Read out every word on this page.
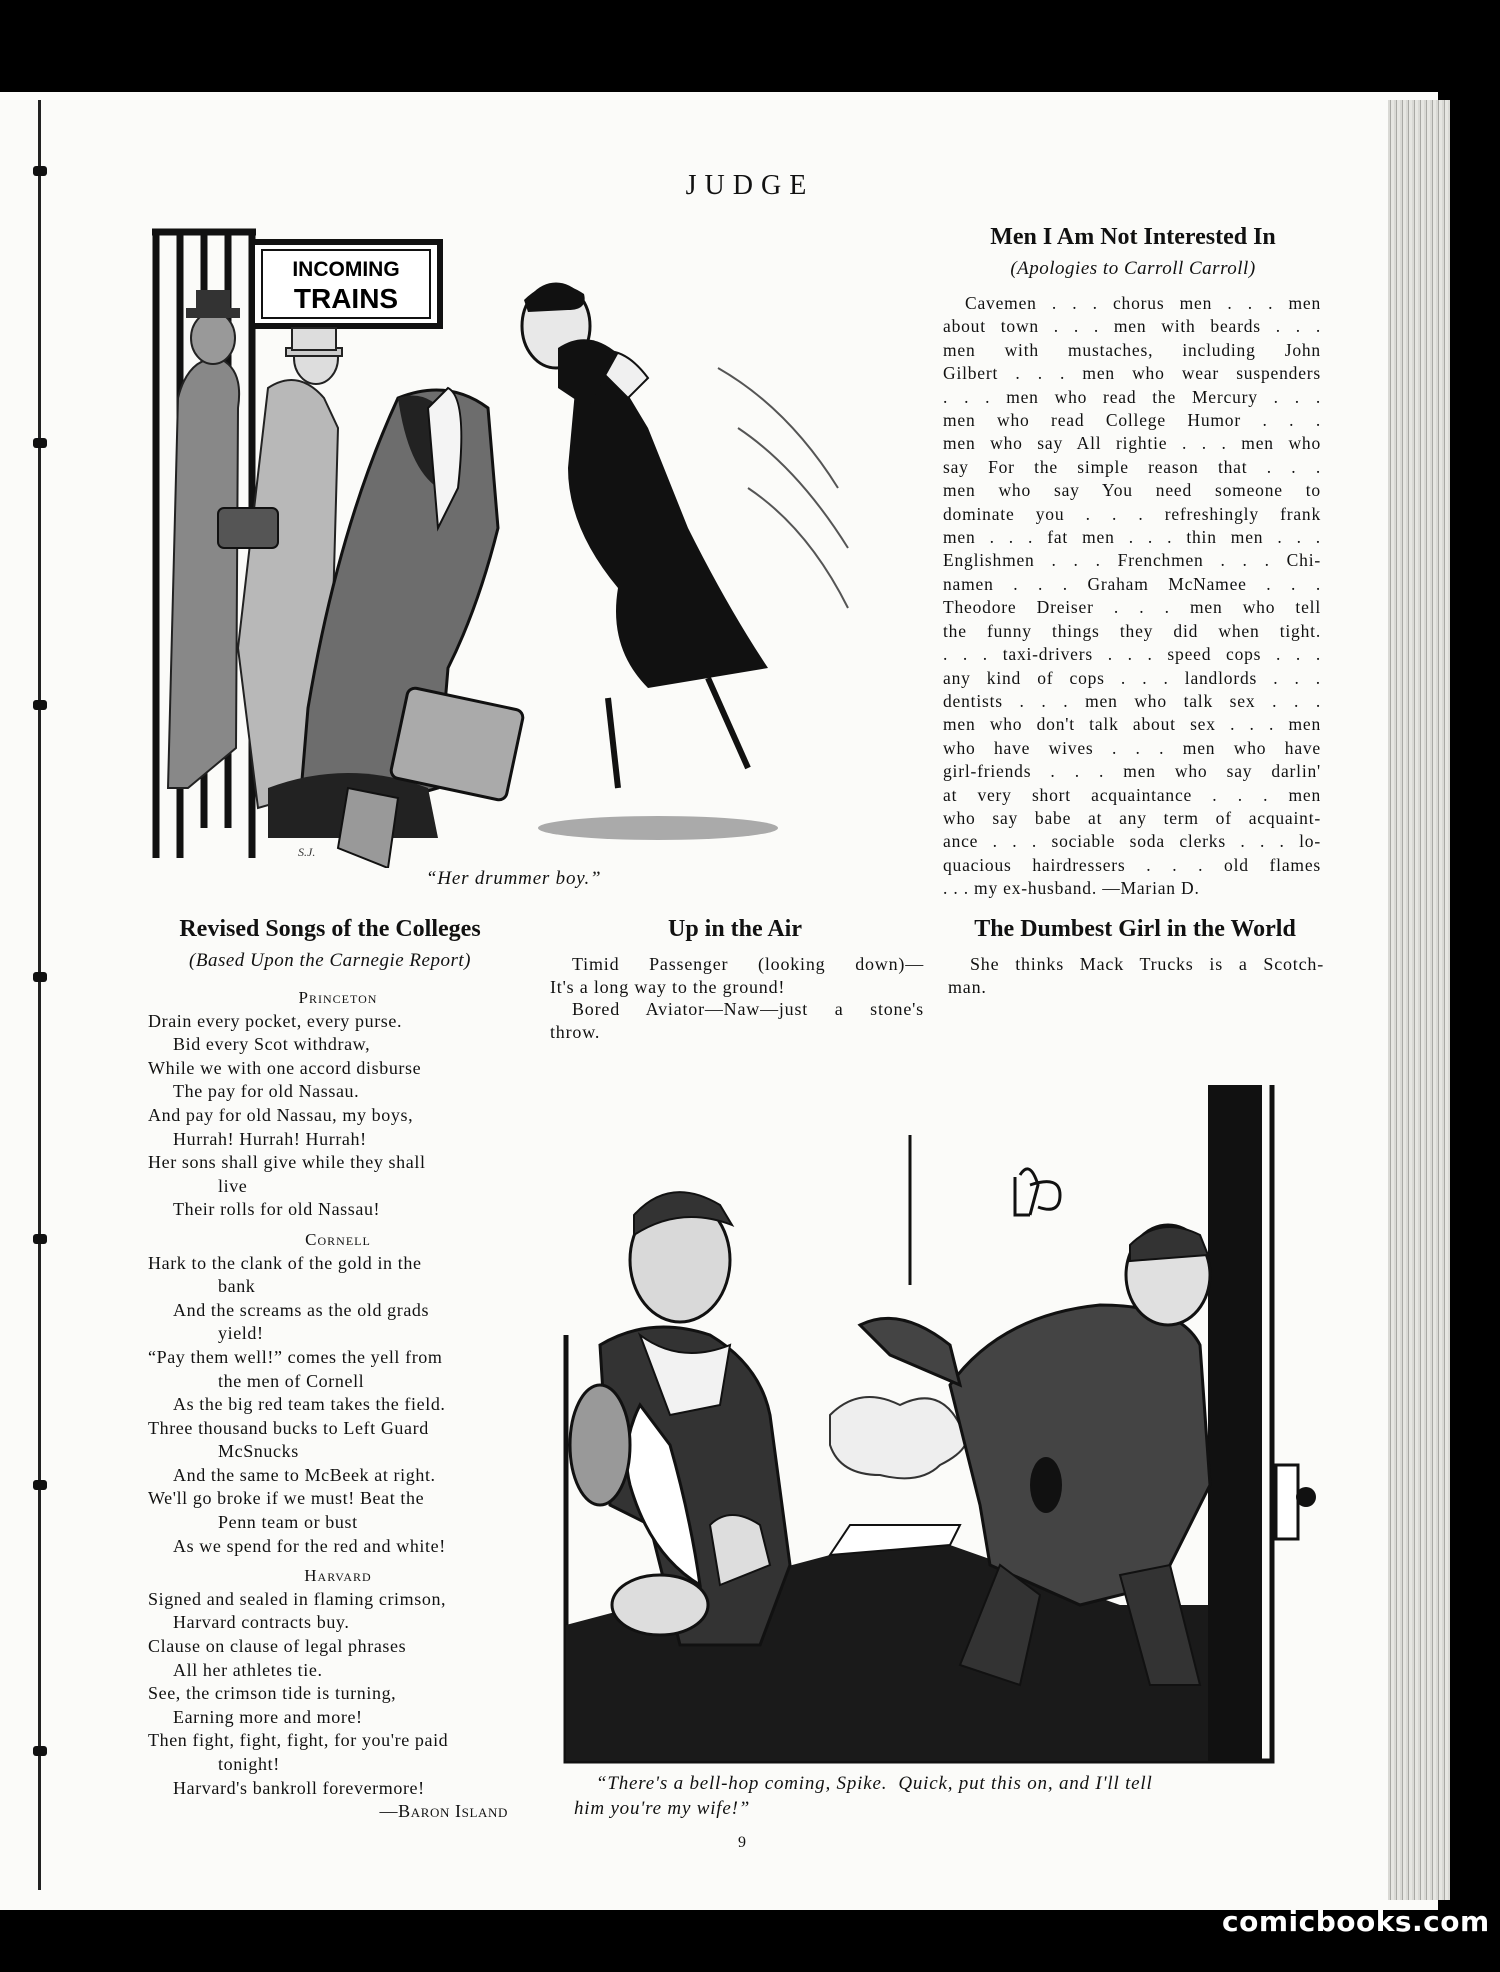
JUDGE
INCOMING
TRAINS
S.J.
“Her drummer boy.”
Men I Am Not Interested In
(Apologies to Carroll Carroll)
Cavemen . . . chorus men . . . men
about town . . . men with beards . . .
men with mustaches, including John
Gilbert . . . men who wear suspenders
. . . men who read the Mercury . . .
men who read College Humor . . .
men who say All rightie . . . men who
say For the simple reason that . . .
men who say You need someone to
dominate you . . . refreshingly frank
men . . . fat men . . . thin men . . .
Englishmen . . . Frenchmen . . . Chi-
namen . . . Graham McNamee . . .
Theodore Dreiser . . . men who tell
the funny things they did when tight.
. . . taxi-drivers . . . speed cops . . .
any kind of cops . . . landlords . . .
dentists . . . men who talk sex . . .
men who don't talk about sex . . . men
who have wives . . . men who have
girl-friends . . . men who say darlin'
at very short acquaintance . . . men
who say babe at any term of acquaint-
ance . . . sociable soda clerks . . . lo-
quacious hairdressers . . . old flames
. . . my ex-husband. —Marian D.
Revised Songs of the Colleges
(Based Upon the Carnegie Report)
Princeton
Drain every pocket, every purse.
Bid every Scot withdraw,
While we with one accord disburse
The pay for old Nassau.
And pay for old Nassau, my boys,
Hurrah! Hurrah! Hurrah!
Her sons shall give while they shall
live
Their rolls for old Nassau!
Cornell
Hark to the clank of the gold in the
bank
And the screams as the old grads
yield!
“Pay them well!” comes the yell from
the men of Cornell
As the big red team takes the field.
Three thousand bucks to Left Guard
McSnucks
And the same to McBeek at right.
We'll go broke if we must! Beat the
Penn team or bust
As we spend for the red and white!
Harvard
Signed and sealed in flaming crimson,
Harvard contracts buy.
Clause on clause of legal phrases
All her athletes tie.
See, the crimson tide is turning,
Earning more and more!
Then fight, fight, fight, for you're paid
tonight!
Harvard's bankroll forevermore!
—Baron Island
Up in the Air
Timid Passenger (looking down)—
It's a long way to the ground!
Bored Aviator—Naw—just a stone's
throw.
The Dumbest Girl in the World
She thinks Mack Trucks is a Scotch-
man.
“There's a bell-hop coming, Spike.  Quick, put this on, and I'll tell
him you're my wife!”
9
comicbooks.com
